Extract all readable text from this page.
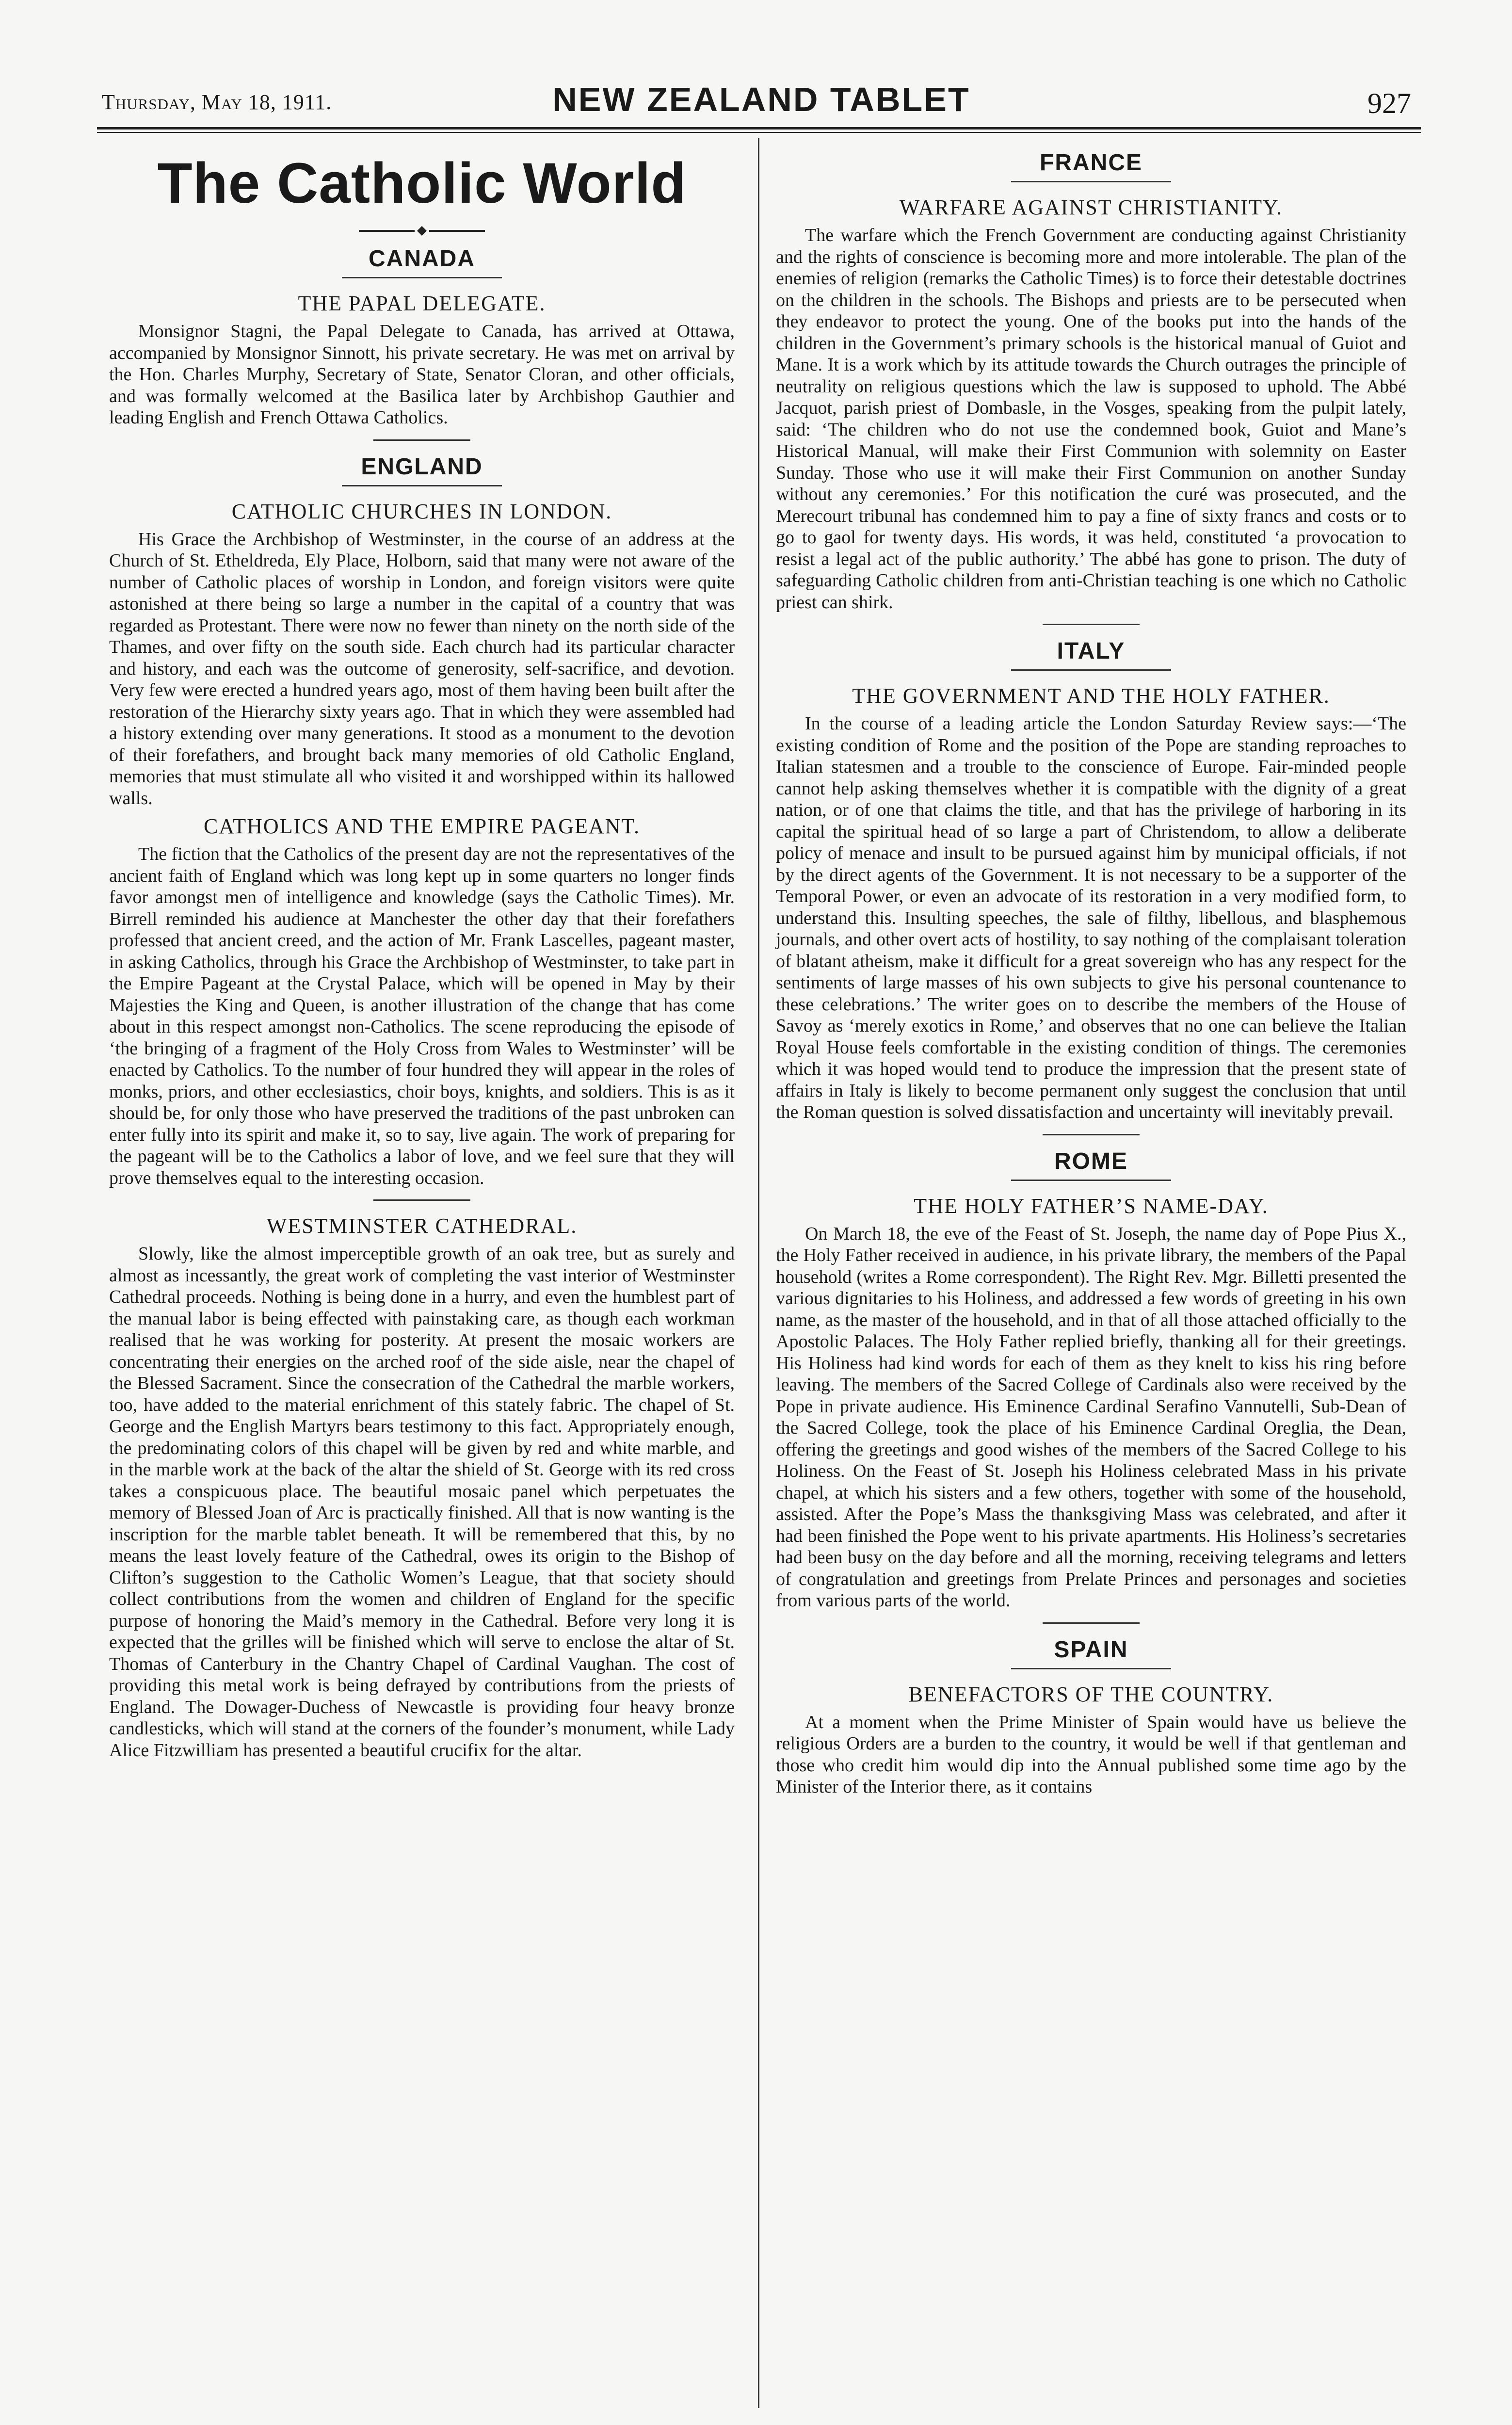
Thursday, May 18, 1911.	NEW ZEALAND TABLET	927
The Catholic World
CANADA
THE PAPAL DELEGATE.

Monsignor Stagni, the Papal Delegate to Canada, has arrived at Ottawa, accompanied by Monsignor Sinnott, his private secretary. He was met on arrival by the Hon. Charles Murphy, Secretary of State, Senator Cloran, and other officials, and was formally welcomed at the Basilica later by Archbishop Gauthier and leading English and French Ottawa Catholics.

ENGLAND
CATHOLIC CHURCHES IN LONDON.

His Grace the Archbishop of Westminster, in the course of an address at the Church of St. Etheldreda, Ely Place, Holborn, said that many were not aware of the number of Catholic places of worship in London, and foreign visitors were quite astonished at there being so large a number in the capital of a country that was regarded as Protestant. There were now no fewer than ninety on the north side of the Thames, and over fifty on the south side. Each church had its particular character and history, and each was the outcome of generosity, self-sacrifice, and devotion. Very few were erected a hundred years ago, most of them having been built after the restoration of the Hierarchy sixty years ago. That in which they were assembled had a history extending over many generations. It stood as a monument to the devotion of their forefathers, and brought back many memories of old Catholic England, memories that must stimulate all who visited it and worshipped within its hallowed walls.

CATHOLICS AND THE EMPIRE PAGEANT.

The fiction that the Catholics of the present day are not the representatives of the ancient faith of England which was long kept up in some quarters no longer finds favor amongst men of intelligence and knowledge (says the Catholic Times). Mr. Birrell reminded his audience at Manchester the other day that their forefathers professed that ancient creed, and the action of Mr. Frank Lascelles, pageant master, in asking Catholics, through his Grace the Archbishop of Westminster, to take part in the Empire Pageant at the Crystal Palace, which will be opened in May by their Majesties the King and Queen, is another illustration of the change that has come about in this respect amongst non-Catholics. The scene reproducing the episode of ‘the bringing of a fragment of the Holy Cross from Wales to Westminster’ will be enacted by Catholics. To the number of four hundred they will appear in the roles of monks, priors, and other ecclesiastics, choir boys, knights, and soldiers. This is as it should be, for only those who have preserved the traditions of the past unbroken can enter fully into its spirit and make it, so to say, live again. The work of preparing for the pageant will be to the Catholics a labor of love, and we feel sure that they will prove themselves equal to the interesting occasion.

WESTMINSTER CATHEDRAL.

Slowly, like the almost imperceptible growth of an oak tree, but as surely and almost as incessantly, the great work of completing the vast interior of Westminster Cathedral proceeds. Nothing is being done in a hurry, and even the humblest part of the manual labor is being effected with painstaking care, as though each workman realised that he was working for posterity. At present the mosaic workers are concentrating their energies on the arched roof of the side aisle, near the chapel of the Blessed Sacrament. Since the consecration of the Cathedral the marble workers, too, have added to the material enrichment of this stately fabric. The chapel of St. George and the English Martyrs bears testimony to this fact. Appropriately enough, the predominating colors of this chapel will be given by red and white marble, and in the marble work at the back of the altar the shield of St. George with its red cross takes a conspicuous place. The beautiful mosaic panel which perpetuates the memory of Blessed Joan of Arc is practically finished. All that is now wanting is the inscription for the marble tablet beneath. It will be remembered that this, by no means the least lovely feature of the Cathedral, owes its origin to the Bishop of Clifton’s suggestion to the Catholic Women’s League, that that society should collect contributions from the women and children of England for the specific purpose of honoring the Maid’s memory in the Cathedral. Before very long it is expected that the grilles will be finished which will serve to enclose the altar of St. Thomas of Canterbury in the Chantry Chapel of Cardinal Vaughan. The cost of providing this metal work is being defrayed by contributions from the priests of England. The Dowager-Duchess of Newcastle is providing four heavy bronze candlesticks, which will stand at the corners of the founder’s monument, while Lady Alice Fitzwilliam has presented a beautiful crucifix for the altar.

FRANCE
WARFARE AGAINST CHRISTIANITY.

The warfare which the French Government are conducting against Christianity and the rights of conscience is becoming more and more intolerable. The plan of the enemies of religion (remarks the Catholic Times) is to force their detestable doctrines on the children in the schools. The Bishops and priests are to be persecuted when they endeavor to protect the young. One of the books put into the hands of the children in the Government’s primary schools is the historical manual of Guiot and Mane. It is a work which by its attitude towards the Church outrages the principle of neutrality on religious questions which the law is supposed to uphold. The Abbé Jacquot, parish priest of Dombasle, in the Vosges, speaking from the pulpit lately, said: ‘The children who do not use the condemned book, Guiot and Mane’s Historical Manual, will make their First Communion with solemnity on Easter Sunday. Those who use it will make their First Communion on another Sunday without any ceremonies.’ For this notification the curé was prosecuted, and the Merecourt tribunal has condemned him to pay a fine of sixty francs and costs or to go to gaol for twenty days. His words, it was held, constituted ‘a provocation to resist a legal act of the public authority.’ The abbé has gone to prison. The duty of safeguarding Catholic children from anti-Christian teaching is one which no Catholic priest can shirk.

ITALY
THE GOVERNMENT AND THE HOLY FATHER.

In the course of a leading article the London Saturday Review says:—‘The existing condition of Rome and the position of the Pope are standing reproaches to Italian statesmen and a trouble to the conscience of Europe. Fair-minded people cannot help asking themselves whether it is compatible with the dignity of a great nation, or of one that claims the title, and that has the privilege of harboring in its capital the spiritual head of so large a part of Christendom, to allow a deliberate policy of menace and insult to be pursued against him by municipal officials, if not by the direct agents of the Government. It is not necessary to be a supporter of the Temporal Power, or even an advocate of its restoration in a very modified form, to understand this. Insulting speeches, the sale of filthy, libellous, and blasphemous journals, and other overt acts of hostility, to say nothing of the complaisant toleration of blatant atheism, make it difficult for a great sovereign who has any respect for the sentiments of large masses of his own subjects to give his personal countenance to these celebrations.’ The writer goes on to describe the members of the House of Savoy as ‘merely exotics in Rome,’ and observes that no one can believe the Italian Royal House feels comfortable in the existing condition of things. The ceremonies which it was hoped would tend to produce the impression that the present state of affairs in Italy is likely to become permanent only suggest the conclusion that until the Roman question is solved dissatisfaction and uncertainty will inevitably prevail.

ROME
THE HOLY FATHER’S NAME-DAY.

On March 18, the eve of the Feast of St. Joseph, the name day of Pope Pius X., the Holy Father received in audience, in his private library, the members of the Papal household (writes a Rome correspondent). The Right Rev. Mgr. Billetti presented the various dignitaries to his Holiness, and addressed a few words of greeting in his own name, as the master of the household, and in that of all those attached officially to the Apostolic Palaces. The Holy Father replied briefly, thanking all for their greetings. His Holiness had kind words for each of them as they knelt to kiss his ring before leaving. The members of the Sacred College of Cardinals also were received by the Pope in private audience. His Eminence Cardinal Serafino Vannutelli, Sub-Dean of the Sacred College, took the place of his Eminence Cardinal Oreglia, the Dean, offering the greetings and good wishes of the members of the Sacred College to his Holiness. On the Feast of St. Joseph his Holiness celebrated Mass in his private chapel, at which his sisters and a few others, together with some of the household, assisted. After the Pope’s Mass the thanksgiving Mass was celebrated, and after it had been finished the Pope went to his private apartments. His Holiness’s secretaries had been busy on the day before and all the morning, receiving telegrams and letters of congratulation and greetings from Prelate Princes and personages and societies from various parts of the world.

SPAIN
BENEFACTORS OF THE COUNTRY.

At a moment when the Prime Minister of Spain would have us believe the religious Orders are a burden to the country, it would be well if that gentleman and those who credit him would dip into the Annual published some time ago by the Minister of the Interior there, as it contains
